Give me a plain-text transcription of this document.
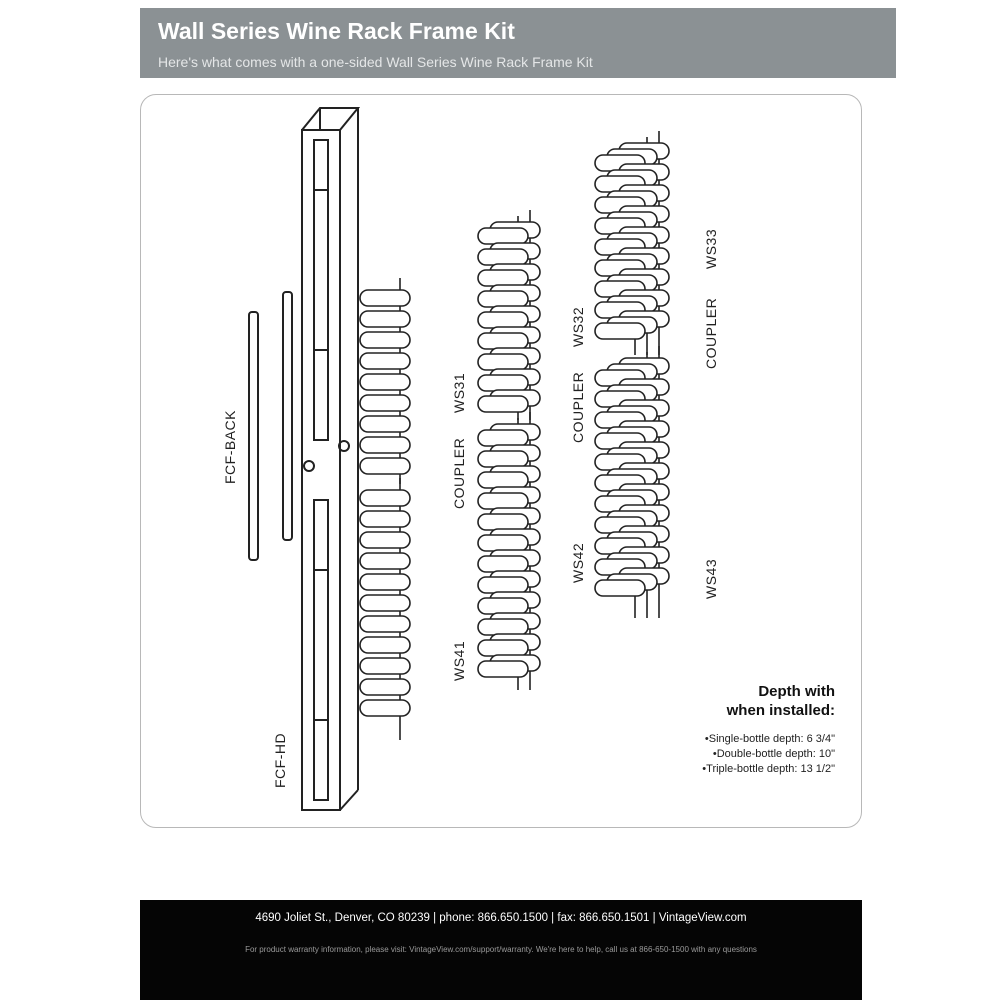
Wall Series Wine Rack Frame Kit
Here's what comes with a one-sided Wall Series Wine Rack Frame Kit
FCF-BACK
FCF-HD
WS31
COUPLER
WS41
WS32
COUPLER
WS42
WS33
COUPLER
WS43
Depth with
when installed:
• Single-bottle depth: 6 3/4"
• Double-bottle depth: 10"
• Triple-bottle depth: 13 1/2"
4690 Joliet St., Denver, CO 80239 | phone: 866.650.1500 | fax: 866.650.1501 | VintageView.com
For product warranty information, please visit: VintageView.com/support/warranty. We're here to help, call us at 866-650-1500 with any questions
